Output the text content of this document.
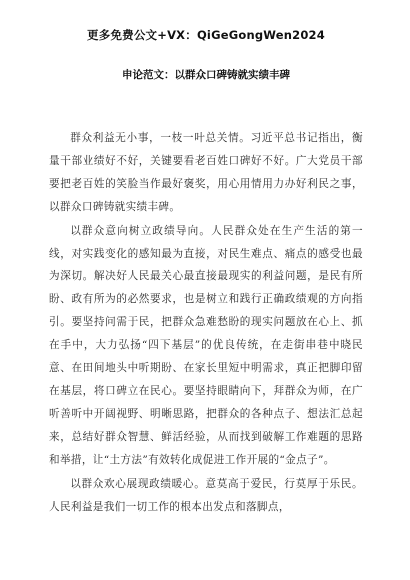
更多免费公文+VX：QiGeGongWen2024
申论范文：以群众口碑铸就实绩丰碑

群众利益无小事，一枝一叶总关情。习近平总书记指出，衡量干部业绩好不好，关键要看老百姓口碑好不好。广大党员干部要把老百姓的笑脸当作最好褒奖，用心用情用力办好利民之事，以群众口碑铸就实绩丰碑。

以群众意向树立政绩导向。人民群众处在生产生活的第一线，对实践变化的感知最为直接，对民生难点、痛点的感受也最为深切。解决好人民最关心最直接最现实的利益问题，是民有所盼、政有所为的必然要求，也是树立和践行正确政绩观的方向指引。要坚持问需于民，把群众急难愁盼的现实问题放在心上、抓在手中，大力弘扬“四下基层”的优良传统，在走街串巷中晓民意、在田间地头中听期盼、在家长里短中明需求，真正把脚印留在基层，将口碑立在民心。要坚持眼睛向下，拜群众为师，在广听善听中开阔视野、明晰思路，把群众的各种点子、想法汇总起来，总结好群众智慧、鲜活经验，从而找到破解工作难题的思路和举措，让“土方法”有效转化成促进工作开展的“金点子”。

以群众欢心展现政绩暖心。意莫高于爱民，行莫厚于乐民。人民利益是我们一切工作的根本出发点和落脚点，
